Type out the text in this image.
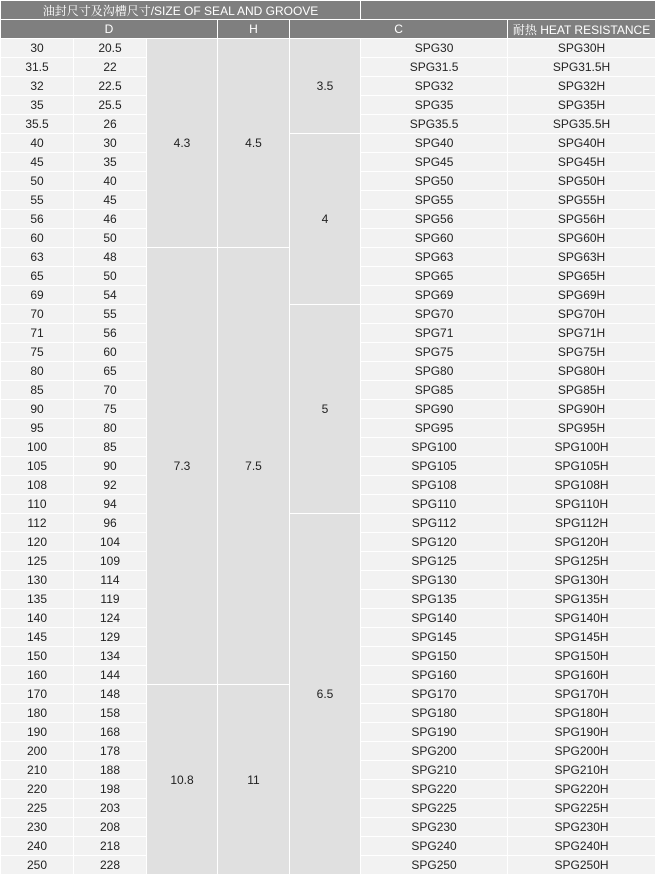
油封尺寸及沟槽尺寸/SIZE OF SEAL AND GROOVE						
D			H	C		耐热 HEAT RESISTANCE
30	20.5	4.3	4.5	3.5	SPG30	SPG30H
31.5	22				SPG31.5	SPG31.5H
32	22.5				SPG32	SPG32H
35	25.5				SPG35	SPG35H
35.5	26				SPG35.5	SPG35.5H
40	30			4	SPG40	SPG40H
45	35				SPG45	SPG45H
50	40				SPG50	SPG50H
55	45				SPG55	SPG55H
56	46				SPG56	SPG56H
60	50				SPG60	SPG60H
63	48	7.3	7.5		SPG63	SPG63H
65	50				SPG65	SPG65H
69	54				SPG69	SPG69H
70	55			5	SPG70	SPG70H
71	56				SPG71	SPG71H
75	60				SPG75	SPG75H
80	65				SPG80	SPG80H
85	70				SPG85	SPG85H
90	75				SPG90	SPG90H
95	80				SPG95	SPG95H
100	85				SPG100	SPG100H
105	90				SPG105	SPG105H
108	92				SPG108	SPG108H
110	94				SPG110	SPG110H
112	96			6.5	SPG112	SPG112H
120	104				SPG120	SPG120H
125	109				SPG125	SPG125H
130	114				SPG130	SPG130H
135	119				SPG135	SPG135H
140	124				SPG140	SPG140H
145	129				SPG145	SPG145H
150	134				SPG150	SPG150H
160	144				SPG160	SPG160H
170	148	10.8	11		SPG170	SPG170H
180	158				SPG180	SPG180H
190	168				SPG190	SPG190H
200	178				SPG200	SPG200H
210	188				SPG210	SPG210H
220	198				SPG220	SPG220H
225	203				SPG225	SPG225H
230	208				SPG230	SPG230H
240	218				SPG240	SPG240H
250	228				SPG250	SPG250H
